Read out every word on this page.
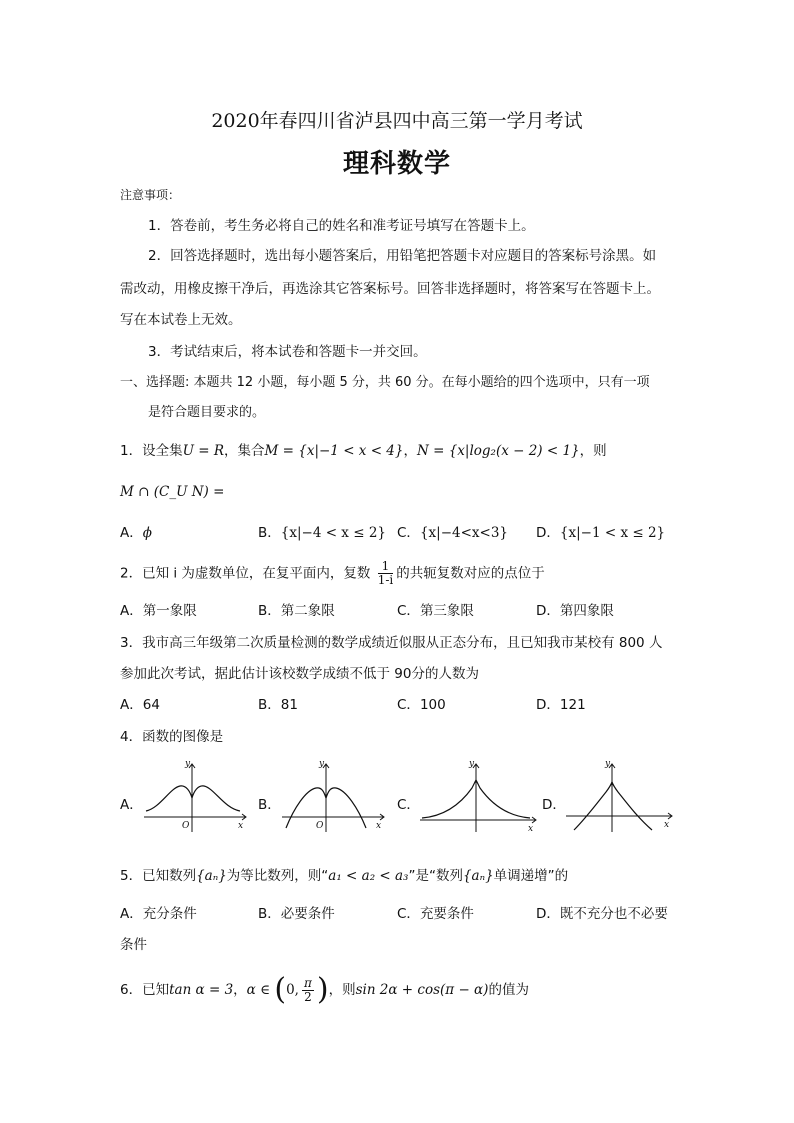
2020年春四川省泸县四中高三第一学月考试
理科数学
注意事项：
1．答卷前，考生务必将自己的姓名和准考证号填写在答题卡上。
2．回答选择题时，选出每小题答案后，用铅笔把答题卡对应题目的答案标号涂黑。如
需改动，用橡皮擦干净后，再选涂其它答案标号。回答非选择题时，将答案写在答题卡上。
写在本试卷上无效。
3．考试结束后，将本试卷和答题卡一并交回。
一、选择题: 本题共 12 小题，每小题 5 分，共 60 分。在每小题给的四个选项中，只有一项
是符合题目要求的。
1．设全集U = R，集合M = {x|−1 < x < 4}，N = {x|log₂(x − 2) < 1}，则
M ∩ (C_U N) =
A．ϕ	B．{x|−4 < x ≤ 2} C．{x|−4<x<3} D．{x|−1 < x ≤ 2}
2．已知 i 为虚数单位，在复平面内，复数 $\frac{1}{1-i}$ 的共轭复数对应的点位于
A．第一象限	B．第二象限	C．第三象限	D．第四象限
3．我市高三年级第二次质量检测的数学成绩近似服从正态分布，且已知我市某校有 800 人
参加此次考试，据此估计该校数学成绩不低于 90分的人数为
A．64	B．81	C．100	D．121
4．函数的图像是
A．
y
x
O
B．
y
x
O
C．
y
x
D．
y
x
5．已知数列{aₙ}为等比数列，则“a₁ < a₂ < a₃”是“数列{aₙ}单调递增”的
A．充分条件	B．必要条件	C．充要条件	D．既不充分也不必要
条件
6．已知tan α = 3，α ∈ (0, $\frac{\pi}{2}$ )，则sin 2α + cos(π − α)的值为
